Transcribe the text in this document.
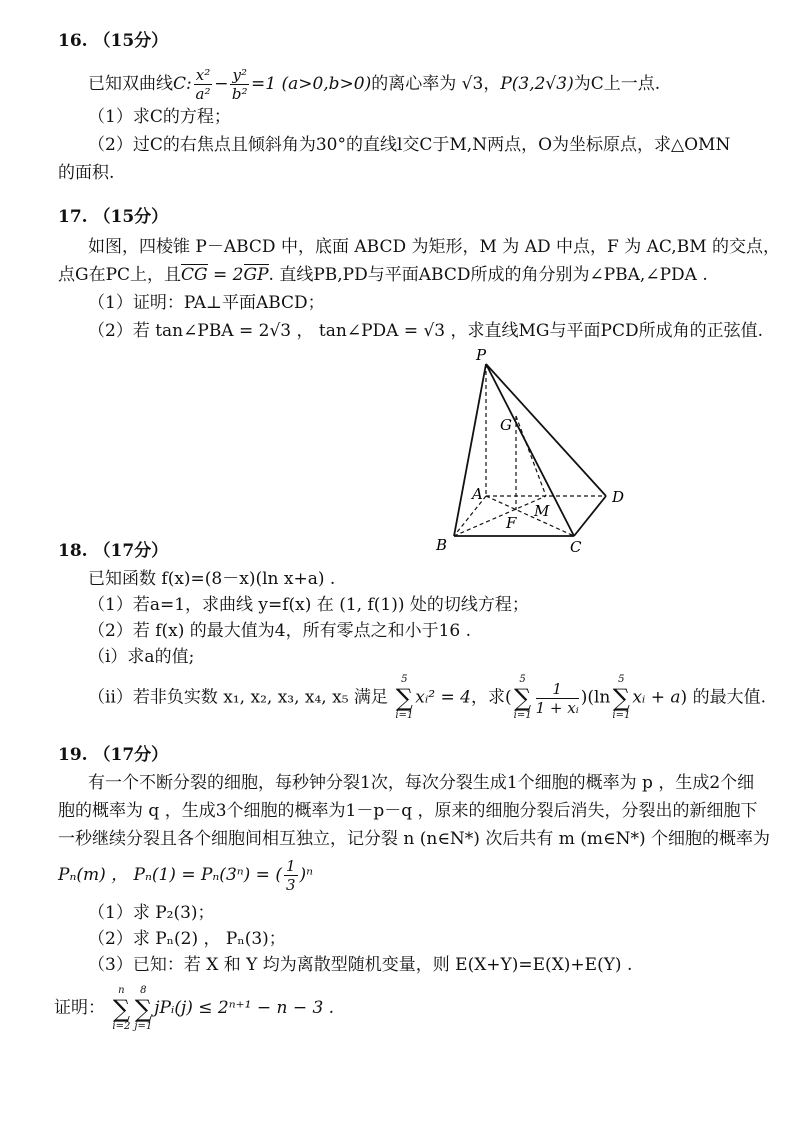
16. （15分）
已知双曲线C: $\frac{\text{x²}}{\text{a²}} - \frac{\text{y²}}{\text{b²}} =1$ (a>0,b>0)的离心率为 √3，P(3,2√3)为C上一点.
（1）求C的方程；
（2）过C的右焦点且倾斜角为30°的直线l交C于M,N两点，O为坐标原点，求△OMN
的面积.
17. （15分）
如图，四棱锥 P－ABCD 中，底面 ABCD 为矩形，M 为 AD 中点，F 为 AC,BM 的交点，
点G在PC上，且CG = 2GP. 直线PB,PD与平面ABCD所成的角分别为∠PBA,∠PDA .
（1）证明：PA⊥平面ABCD；
（2）若 tan∠PBA = 2√3 ， tan∠PDA = √3 ，求直线MG与平面PCD所成角的正弦值.
P
G
A	D
M
F
B	C
18. （17分）
已知函数 f(x)=(8－x)(ln x+a) .
（1）若a=1，求曲线 y=f(x) 在 (1, f(1)) 处的切线方程；
（2）若 f(x) 的最大值为4，所有零点之和小于16 .
（ⅰ）求a的值;
（ⅱ）若非负实数 x₁, x₂, x₃, x₄, x₅ 满足
5
∑
i=1
xᵢ² = 4，求(
5
∑
$i=1 \frac{1}{\text{1 + xᵢ}} )(\ln$
5
∑
i=1
xᵢ + a) 的最大值.
19. （17分）
有一个不断分裂的细胞，每秒钟分裂1次，每次分裂生成1个细胞的概率为 p ，生成2个细
胞的概率为 q ，生成3个细胞的概率为1－p－q ，原来的细胞分裂后消失，分裂出的新细胞下
一秒继续分裂且各个细胞间相互独立，记分裂 n (n∈N*) 次后共有 m (m∈N*) 个细胞的概率为
Pₙ(m) ， Pₙ(1) = Pₙ(3ⁿ) = ( $\frac{1}{3} )^n$
（1）求 P₂(3)；
（2）求 Pₙ(2) ， Pₙ(3)；
（3）已知：若 X 和 Y 均为离散型随机变量，则 E(X+Y)=E(X)+E(Y) .
证明：
n
∑
i=2
8
∑
j=1
jPᵢ(j) ≤ 2ⁿ⁺¹ − n − 3 .
